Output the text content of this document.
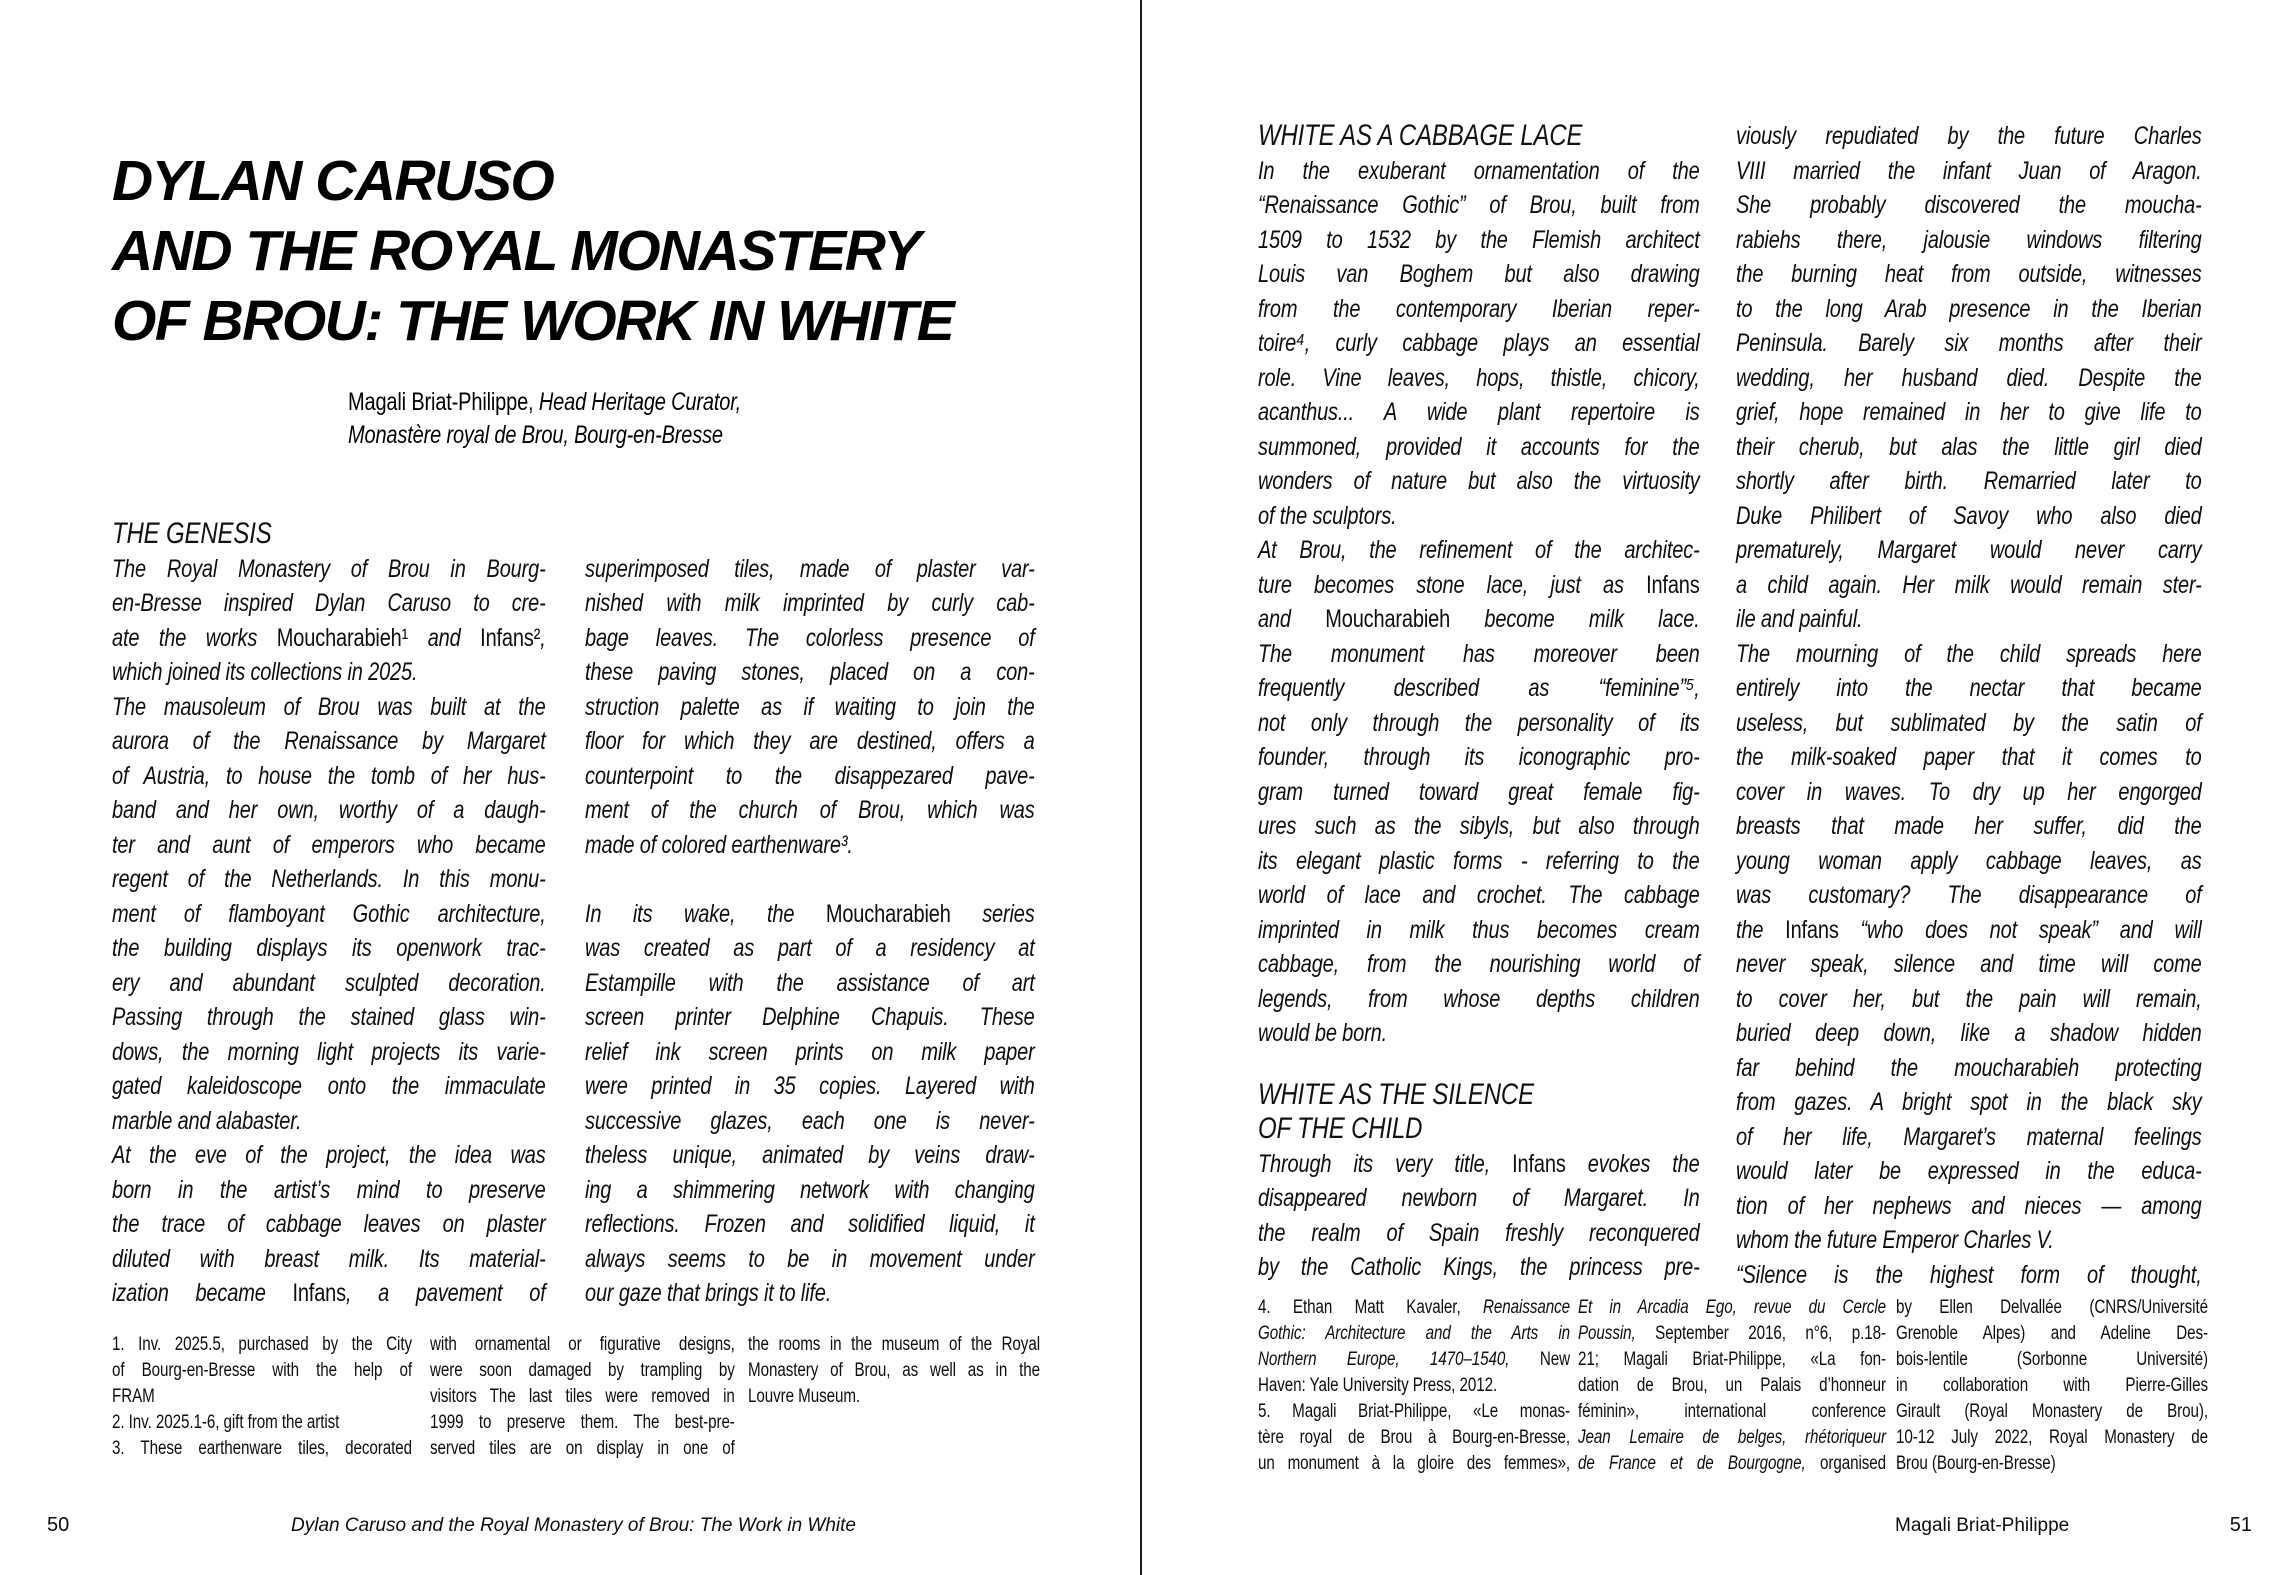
DYLAN CARUSO
AND THE ROYAL MONASTERY
OF BROU: THE WORK IN WHITE
Magali Briat-Philippe, Head Heritage Curator,
Monastère royal de Brou, Bourg-en-Bresse
THE GENESIS
The Royal Monastery of Brou in Bourg-
en-Bresse inspired Dylan Caruso to cre-
ate the works Moucharabieh¹ and Infans²,
which joined its collections in 2025.
The mausoleum of Brou was built at the
aurora of the Renaissance by Margaret
of Austria, to house the tomb of her hus-
band and her own, worthy of a daugh-
ter and aunt of emperors who became
regent of the Netherlands. In this monu-
ment of flamboyant Gothic architecture,
the building displays its openwork trac-
ery and abundant sculpted decoration.
Passing through the stained glass win-
dows, the morning light projects its varie-
gated kaleidoscope onto the immaculate
marble and alabaster.
At the eve of the project, the idea was
born in the artist’s mind to preserve
the trace of cabbage leaves on plaster
diluted with breast milk. Its material-
ization became Infans, a pavement of
superimposed tiles, made of plaster var-
nished with milk imprinted by curly cab-
bage leaves. The colorless presence of
these paving stones, placed on a con-
struction palette as if waiting to join the
floor for which they are destined, offers a
counterpoint to the disappezared pave-
ment of the church of Brou, which was
made of colored earthenware³.
In its wake, the Moucharabieh series
was created as part of a residency at
Estampille with the assistance of art
screen printer Delphine Chapuis. These
relief ink screen prints on milk paper
were printed in 35 copies. Layered with
successive glazes, each one is never-
theless unique, animated by veins draw-
ing a shimmering network with changing
reflections. Frozen and solidified liquid, it
always seems to be in movement under
our gaze that brings it to life.
1. Inv. 2025.5, purchased by the City
of Bourg-en-Bresse with the help of
FRAM
2. Inv. 2025.1-6, gift from the artist
3. These earthenware tiles, decorated
with ornamental or figurative designs,
were soon damaged by trampling by
visitors The last tiles were removed in
1999 to preserve them. The best-pre-
served tiles are on display in one of
the rooms in the museum of the Royal
Monastery of Brou, as well as in the
Louvre Museum.
50	Dylan Caruso and the Royal Monastery of Brou: The Work in White
WHITE AS A CABBAGE LACE
In the exuberant ornamentation of the
“Renaissance Gothic” of Brou, built from
1509 to 1532 by the Flemish architect
Louis van Boghem but also drawing
from the contemporary Iberian reper-
toire⁴, curly cabbage plays an essential
role. Vine leaves, hops, thistle, chicory,
acanthus... A wide plant repertoire is
summoned, provided it accounts for the
wonders of nature but also the virtuosity
of the sculptors.
At Brou, the refinement of the architec-
ture becomes stone lace, just as Infans
and Moucharabieh become milk lace.
The monument has moreover been
frequently described as “feminine”⁵,
not only through the personality of its
founder, through its iconographic pro-
gram turned toward great female fig-
ures such as the sibyls, but also through
its elegant plastic forms - referring to the
world of lace and crochet. The cabbage
imprinted in milk thus becomes cream
cabbage, from the nourishing world of
legends, from whose depths children
would be born.
WHITE AS THE SILENCE
OF THE CHILD
Through its very title, Infans evokes the
disappeared newborn of Margaret. In
the realm of Spain freshly reconquered
by the Catholic Kings, the princess pre-
viously repudiated by the future Charles
VIII married the infant Juan of Aragon.
She probably discovered the moucha-
rabiehs there, jalousie windows filtering
the burning heat from outside, witnesses
to the long Arab presence in the Iberian
Peninsula. Barely six months after their
wedding, her husband died. Despite the
grief, hope remained in her to give life to
their cherub, but alas the little girl died
shortly after birth. Remarried later to
Duke Philibert of Savoy who also died
prematurely, Margaret would never carry
a child again. Her milk would remain ster-
ile and painful.
The mourning of the child spreads here
entirely into the nectar that became
useless, but sublimated by the satin of
the milk-soaked paper that it comes to
cover in waves. To dry up her engorged
breasts that made her suffer, did the
young woman apply cabbage leaves, as
was customary? The disappearance of
the Infans “who does not speak” and will
never speak, silence and time will come
to cover her, but the pain will remain,
buried deep down, like a shadow hidden
far behind the moucharabieh protecting
from gazes. A bright spot in the black sky
of her life, Margaret’s maternal feelings
would later be expressed in the educa-
tion of her nephews and nieces — among
whom the future Emperor Charles V.
“Silence is the highest form of thought,
4. Ethan Matt Kavaler, Renaissance
Gothic: Architecture and the Arts in
Northern Europe, 1470–1540, New
Haven: Yale University Press, 2012.
5. Magali Briat-Philippe, «Le monas-
tère royal de Brou à Bourg-en-Bresse,
un monument à la gloire des femmes»,
Et in Arcadia Ego, revue du Cercle
Poussin, September 2016, n°6, p.18-
21; Magali Briat-Philippe, «La fon-
dation de Brou, un Palais d’honneur
féminin», international conference
Jean Lemaire de belges, rhétoriqueur
de France et de Bourgogne, organised
by Ellen Delvallée (CNRS/Université
Grenoble Alpes) and Adeline Des-
bois-lentile (Sorbonne Université)
in collaboration with Pierre-Gilles
Girault (Royal Monastery de Brou),
10-12 July 2022, Royal Monastery de
Brou (Bourg-en-Bresse)
Magali Briat-Philippe	51
